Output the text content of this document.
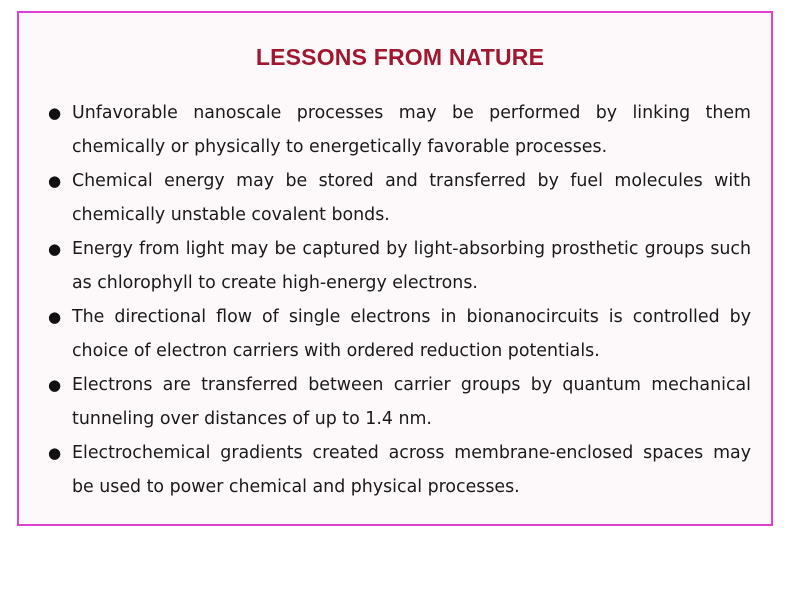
LESSONS FROM NATURE
● Unfavorable nanoscale processes may be performed by linking them chemically or physically to energetically favorable processes.
● Chemical energy may be stored and transferred by fuel molecules with chemically unstable covalent bonds.
● Energy from light may be captured by light-absorbing prosthetic groups such as chlorophyll to create high-energy electrons.
● The directional flow of single electrons in bionanocircuits is controlled by choice of electron carriers with ordered reduction potentials.
● Electrons are transferred between carrier groups by quantum mechanical tunneling over distances of up to 1.4 nm.
● Electrochemical gradients created across membrane-enclosed spaces may be used to power chemical and physical processes.
